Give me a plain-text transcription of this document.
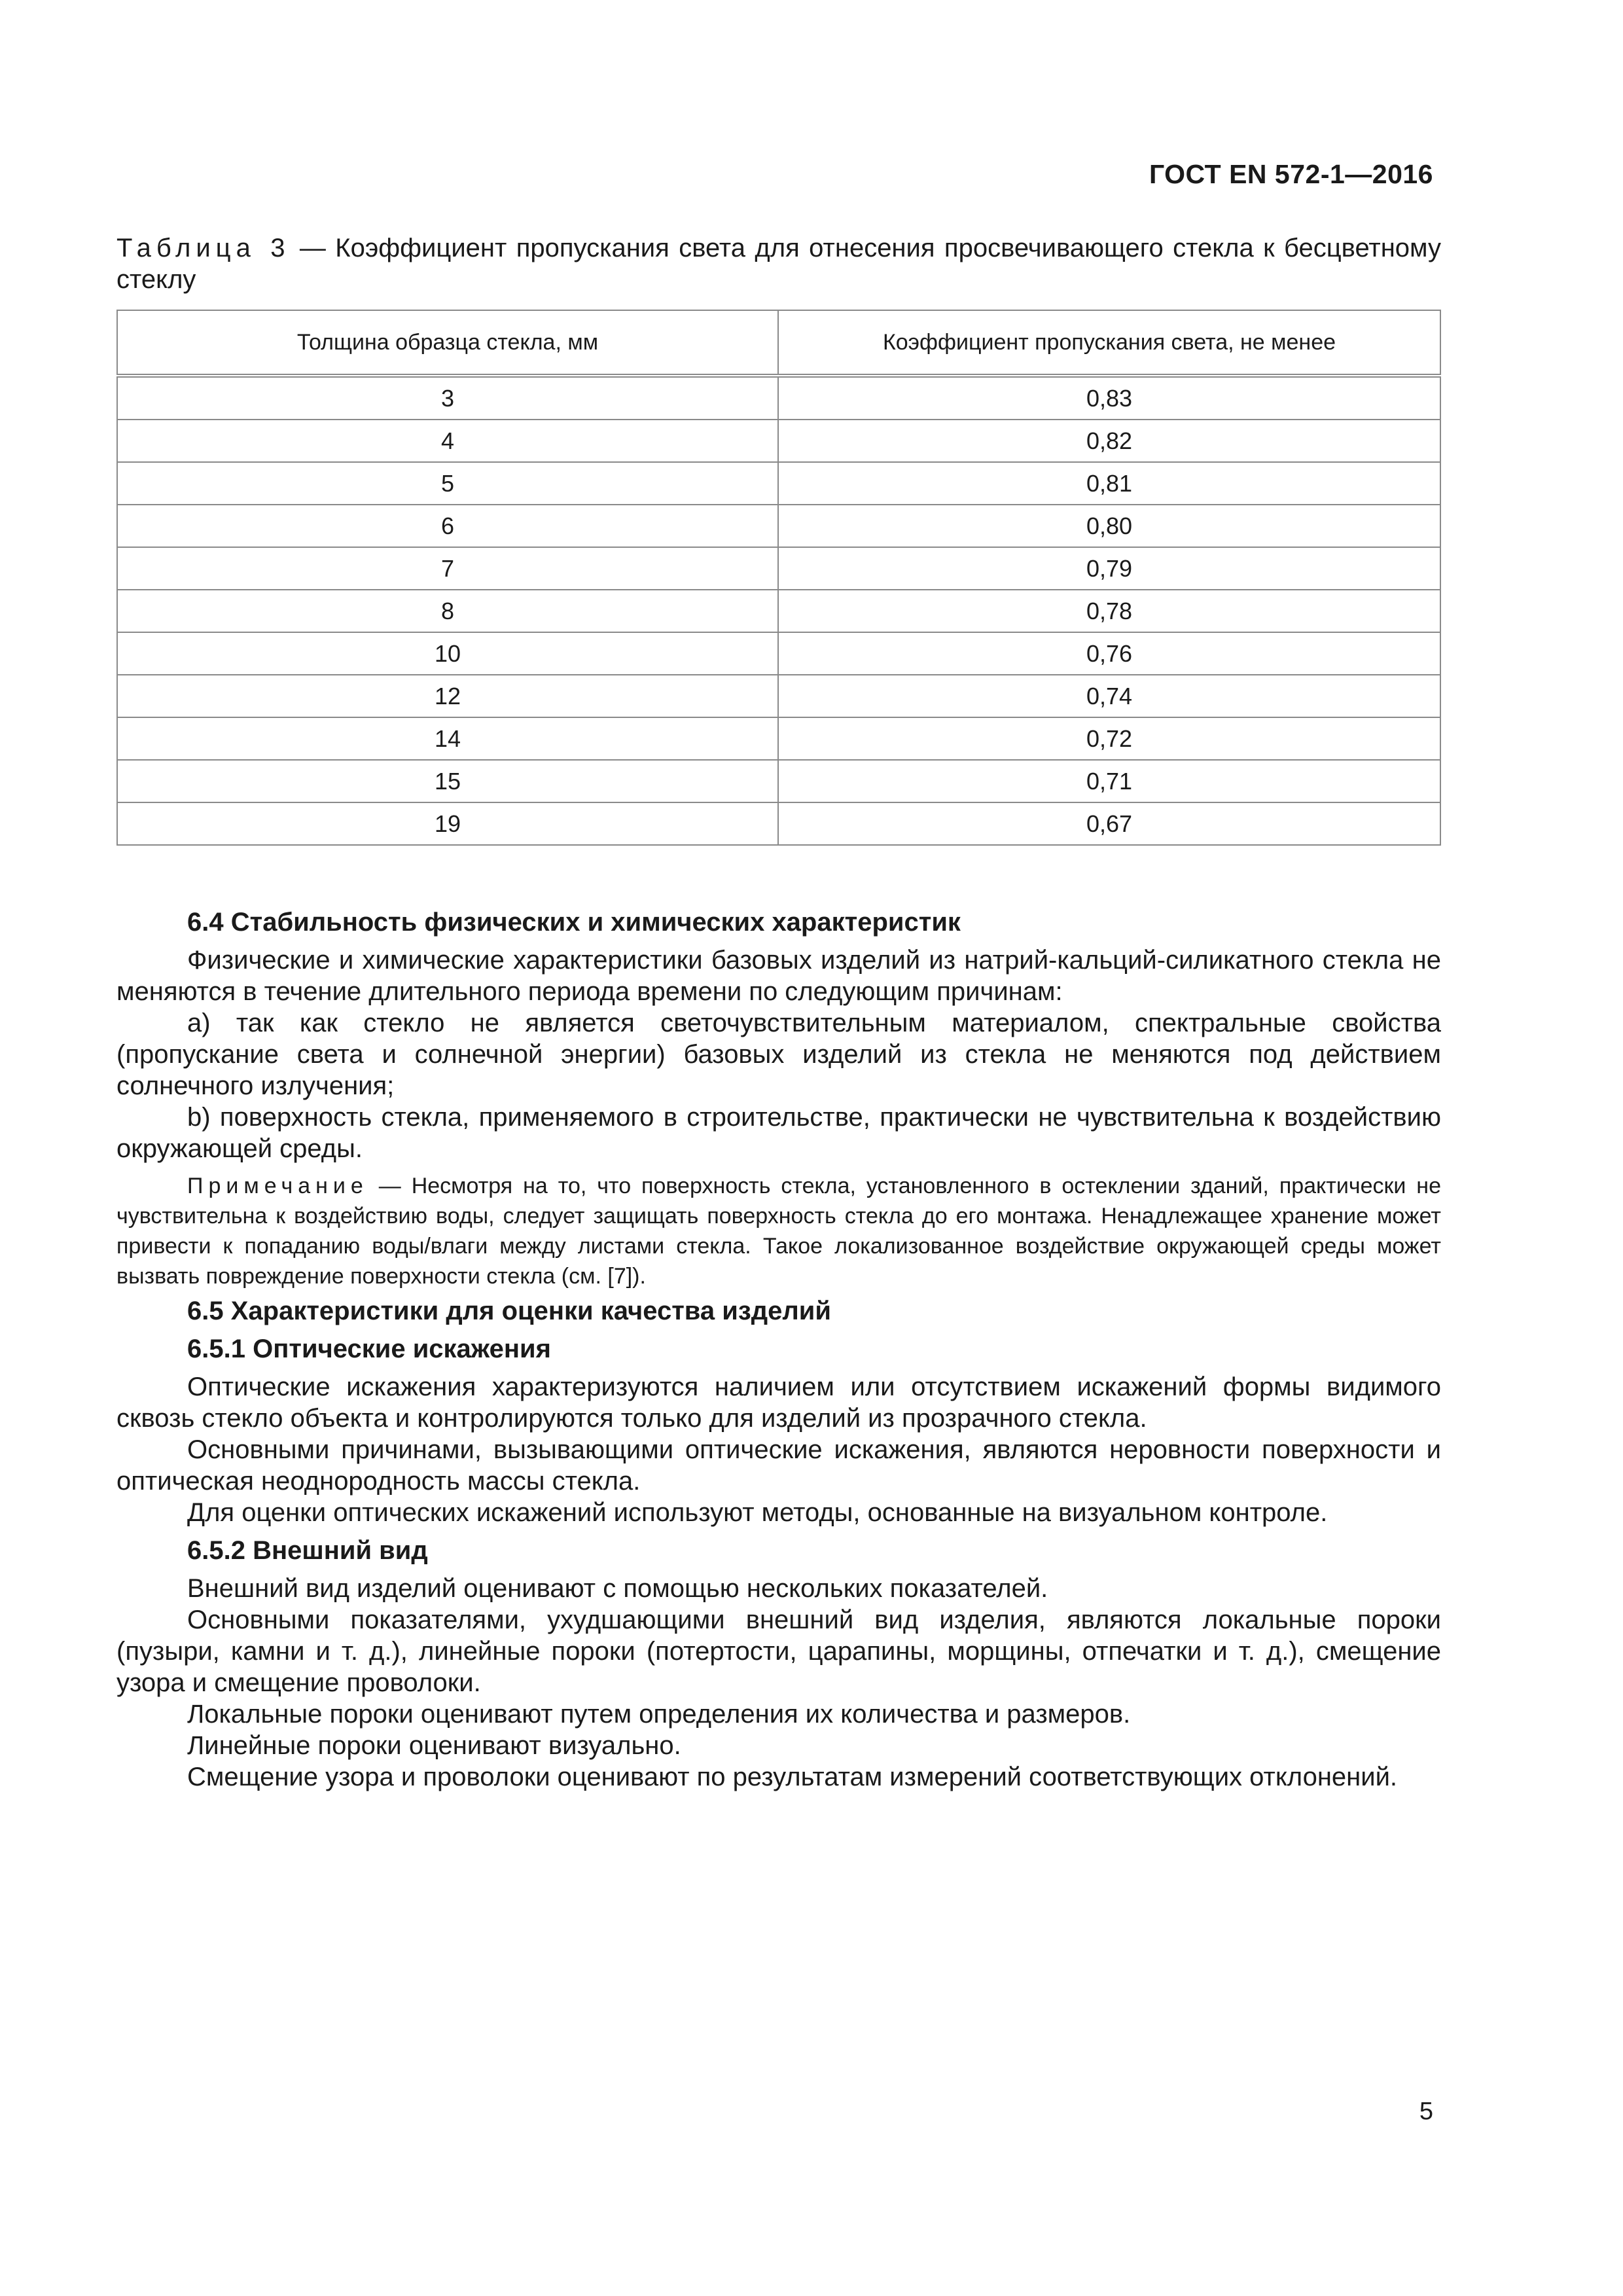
ГОСТ EN 572-1—2016
Таблица 3 — Коэффициент пропускания света для отнесения просвечивающего стекла к бесцветному стеклу
Толщина образца стекла, мм	Коэффициент пропускания света, не менее
3	0,83
4	0,82
5	0,81
6	0,80
7	0,79
8	0,78
10	0,76
12	0,74
14	0,72
15	0,71
19	0,67
6.4 Стабильность физических и химических характеристик

Физические и химические характеристики базовых изделий из натрий-кальций-силикатного стекла не меняются в течение длительного периода времени по следующим причинам:

а) так как стекло не является светочувствительным материалом, спектральные свойства (пропускание света и солнечной энергии) базовых изделий из стекла не меняются под действием солнечного излучения;

b) поверхность стекла, применяемого в строительстве, практически не чувствительна к воздействию окружающей среды.

Примечание — Несмотря на то, что поверхность стекла, установленного в остеклении зданий, практически не чувствительна к воздействию воды, следует защищать поверхность стекла до его монтажа. Ненадлежащее хранение может привести к попаданию воды/влаги между листами стекла. Такое локализованное воздействие окружающей среды может вызвать повреждение поверхности стекла (см. [7]).

6.5 Характеристики для оценки качества изделий
6.5.1 Оптические искажения

Оптические искажения характеризуются наличием или отсутствием искажений формы видимого сквозь стекло объекта и контролируются только для изделий из прозрачного стекла.

Основными причинами, вызывающими оптические искажения, являются неровности поверхности и оптическая неоднородность массы стекла.

Для оценки оптических искажений используют методы, основанные на визуальном контроле.

6.5.2 Внешний вид

Внешний вид изделий оценивают с помощью нескольких показателей.

Основными показателями, ухудшающими внешний вид изделия, являются локальные пороки (пузыри, камни и т. д.), линейные пороки (потертости, царапины, морщины, отпечатки и т. д.), смещение узора и смещение проволоки.

Локальные пороки оценивают путем определения их количества и размеров.

Линейные пороки оценивают визуально.

Смещение узора и проволоки оценивают по результатам измерений соответствующих отклонений.

5
